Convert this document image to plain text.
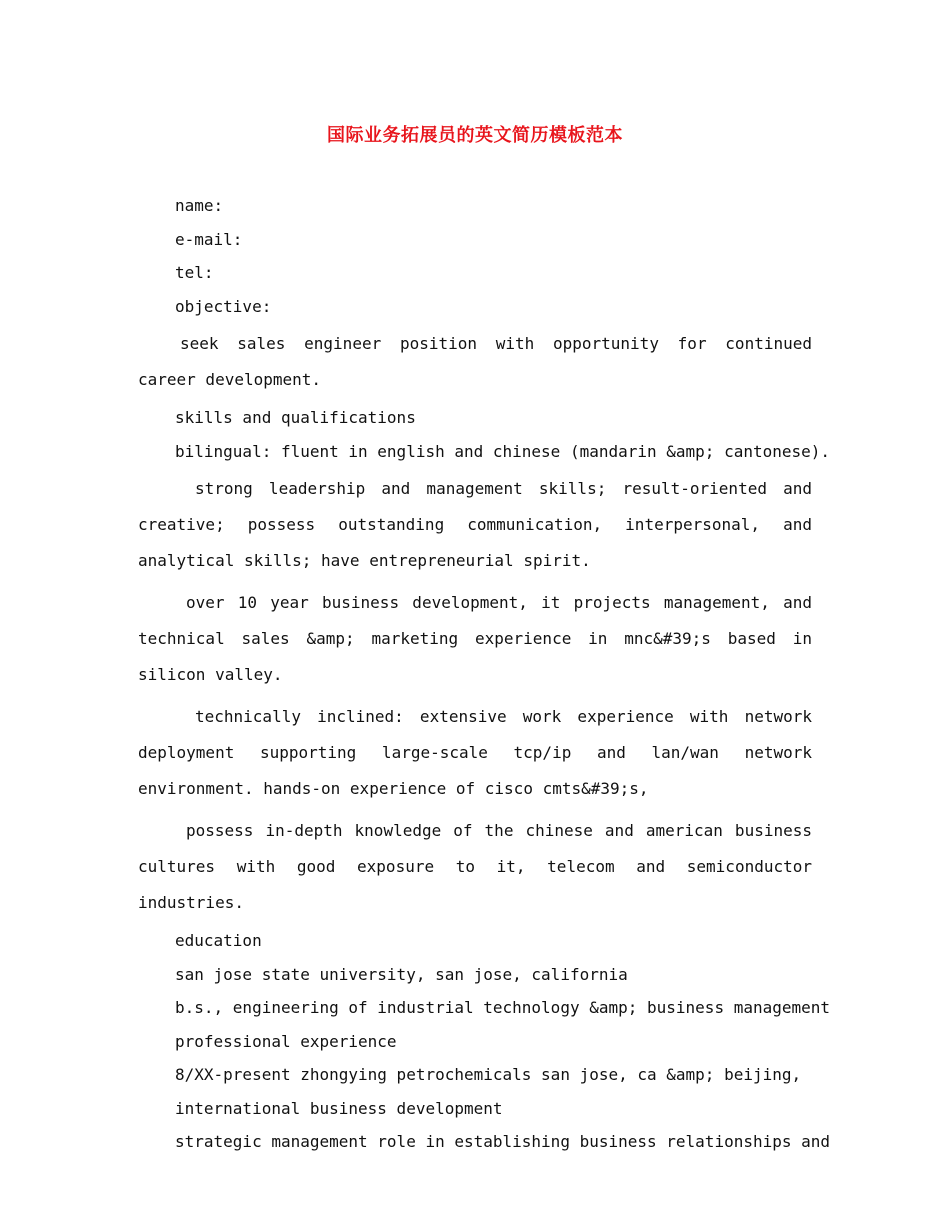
国际业务拓展员的英文简历模板范本
name:
e-mail:
tel:
objective:

seek sales engineer position with opportunity for continued career development.

skills and qualifications
bilingual: fluent in english and chinese (mandarin &amp; cantonese).

strong leadership and management skills; result-oriented and creative; possess outstanding communication, interpersonal, and analytical skills; have entrepreneurial spirit.

over 10 year business development, it projects management, and technical sales &amp; marketing experience in mnc&#39;s based in silicon valley.

technically inclined: extensive work experience with network deployment supporting large-scale tcp/ip and lan/wan network environment. hands-on experience of cisco cmts&#39;s,

possess in-depth knowledge of the chinese and american business cultures with good exposure to it, telecom and semiconductor industries.

education
san jose state university, san jose, california
b.s., engineering of industrial technology &amp; business management
professional experience
8/XX-present zhongying petrochemicals san jose, ca &amp; beijing,
international business development
strategic management role in establishing business relationships and
